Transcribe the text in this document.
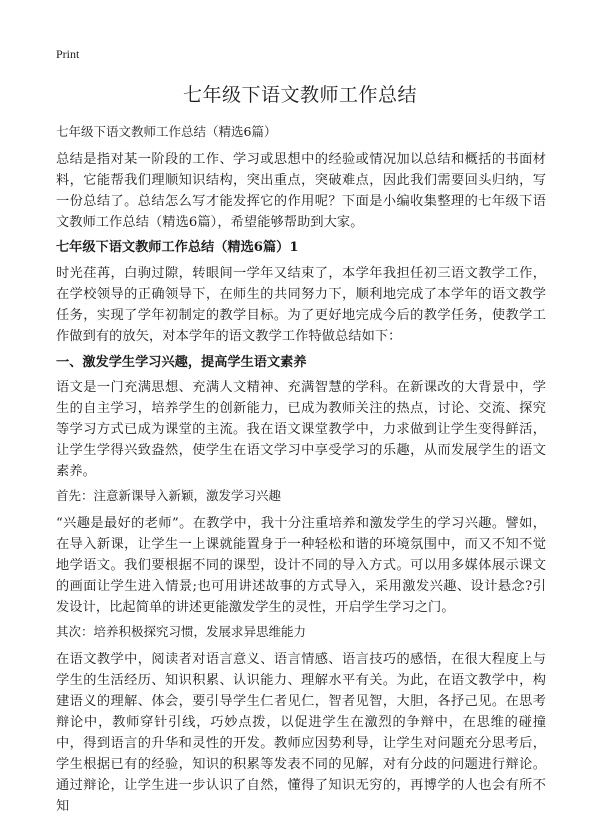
Print
七年级下语文教师工作总结

七年级下语文教师工作总结（精选6篇）

总结是指对某一阶段的工作、学习或思想中的经验或情况加以总结和概括的书面材料，它能帮我们理顺知识结构，突出重点，突破难点，因此我们需要回头归纳，写一份总结了。总结怎么写才能发挥它的作用呢？下面是小编收集整理的七年级下语文教师工作总结（精选6篇），希望能够帮助到大家。

七年级下语文教师工作总结（精选6篇）1

时光荏苒，白驹过隙，转眼间一学年又结束了，本学年我担任初三语文教学工作，在学校领导的正确领导下，在师生的共同努力下，顺利地完成了本学年的语文教学任务，实现了学年初制定的教学目标。为了更好地完成今后的教学任务，使教学工作做到有的放矢，对本学年的语文教学工作特做总结如下：

一、激发学生学习兴趣，提高学生语文素养

语文是一门充满思想、充满人文精神、充满智慧的学科。在新课改的大背景中，学生的自主学习，培养学生的创新能力，已成为教师关注的热点，讨论、交流、探究等学习方式已成为课堂的主流。我在语文课堂教学中，力求做到让学生变得鲜活，让学生学得兴致盎然，使学生在语文学习中享受学习的乐趣，从而发展学生的语文素养。

首先：注意新课导入新颖，激发学习兴趣

“兴趣是最好的老师”。在教学中，我十分注重培养和激发学生的学习兴趣。譬如，在导入新课，让学生一上课就能置身于一种轻松和谐的环境氛围中，而又不知不觉地学语文。我们要根据不同的课型，设计不同的导入方式。可以用多媒体展示课文的画面让学生进入情景;也可用讲述故事的方式导入，采用激发兴趣、设计悬念?引发设计，比起简单的讲述更能激发学生的灵性，开启学生学习之门。

其次：培养积极探究习惯，发展求异思维能力

在语文教学中，阅读者对语言意义、语言情感、语言技巧的感悟，在很大程度上与学生的生活经历、知识积累、认识能力、理解水平有关。为此，在语文教学中，构建语义的理解、体会，要引导学生仁者见仁，智者见智，大胆，各抒己见。在思考辩论中，教师穿针引线，巧妙点拨，以促进学生在激烈的争辩中，在思维的碰撞中，得到语言的升华和灵性的开发。教师应因势利导，让学生对问题充分思考后，学生根据已有的经验，知识的积累等发表不同的见解，对有分歧的问题进行辩论。通过辩论，让学生进一步认识了自然，懂得了知识无穷的，再博学的人也会有所不知
